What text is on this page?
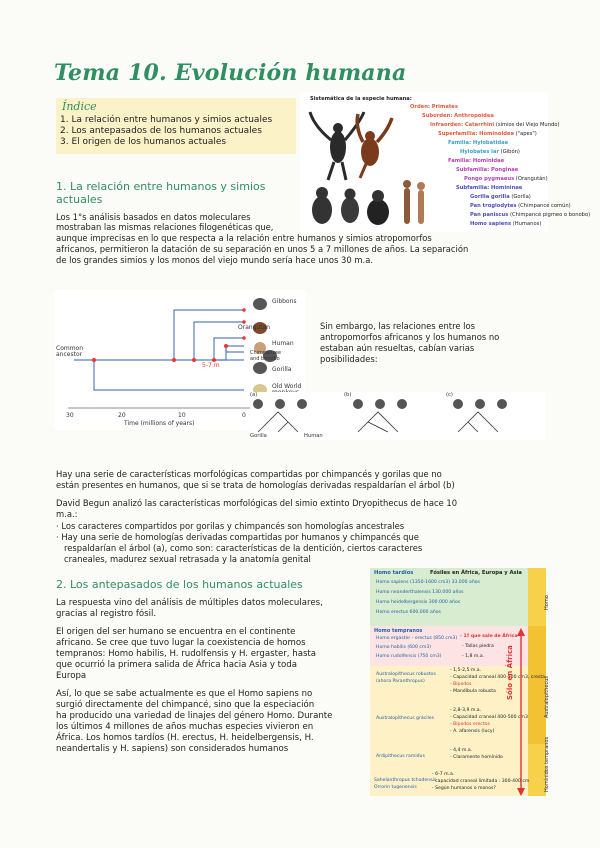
Tema 10. Evolución humana
Índice
1. La relación entre humanos y simios actuales
2. Los antepasados de los humanos actuales
3. El origen de los humanos actuales
Sistemática de la especie humana:
Orden: Primates
Suborden: Anthropoidea
Infraorden: Catarrhini (simios del Viejo Mundo)
Superfamilia: Hominoidea ("apes")
Familia: Hylobatidae
Hylobates lar (Gibón)
Familia: Hominidae
Subfamilia: Ponginae
Pongo pygmaeus (Orangután)
Subfamilia: Homininae
Gorilla gorilla (Gorila)
Pan troglodytes (Chimpancé común)
Pan paniscus (Chimpancé pigmeo o bonobo)
Homo sapiens (Humanos)
1. La relación entre humanos y simios
actuales
Los 1°s análisis basados en datos moleculares
mostraban las mismas relaciones filogenéticas que,
aunque imprecisas en lo que respecta a la relación entre humanos y simios atropomorfos
africanos, permitieron la datación de su separación en unos 5 a 7 millones de años. La separación
de los grandes simios y los monos del viejo mundo sería hace unos 30 m.a.
Gibbons
Orangutan
Human
Chimpanzee and bonobo
Gorilla
Old World
Common ancestor
5-7 m
30	20	10	0
Time (millions of years)
Sin embargo, las relaciones entre los
antropomorfos africanos y los humanos no
estaban aún resueltas, cabían varias
posibilidades:
(a)	(b)	(c)
Gorilla	Human
Hay una serie de características morfológicas compartidas por chimpancés y gorilas que no
están presentes en humanos, que si se trata de homologías derivadas respaldarían el árbol (b)
David Begun analizó las características morfológicas del simio extinto Dryopithecus de hace 10
m.a.:
· Los caracteres compartidos por gorilas y chimpancés son homologías ancestrales
· Hay una serie de homologías derivadas compartidas por humanos y chimpancés que
respaldarían el árbol (a), como son: características de la dentición, ciertos caracteres
craneales, madurez sexual retrasada y la anatomía genital
2. Los antepasados de los humanos actuales
La respuesta vino del análisis de múltiples datos moleculares,
gracias al registro fósil.
El origen del ser humano se encuentra en el continente
africano. Se cree que tuvo lugar la coexistencia de homos
tempranos: Homo habilis, H. rudolfensis y H. ergaster, hasta
que ocurrió la primera salida de África hacia Asia y toda
Europa
Así, lo que se sabe actualmente es que el Homo sapiens no
surgió directamente del chimpancé, sino que la especiación
ha producido una variedad de linajes del género Homo. Durante
los últimos 4 millones de años muchas especies vivieron en
África. Los homos tardíos (H. erectus, H. heidelbergensis, H.
neandertalis y H. sapiens) son considerados humanos
Homo tardíos	Fósiles en África, Europa y Asia
Homo sapiens (1350-1600 cm3) 33.000 años
Homo neanderthalensis 130.000 años
Homo heidelbergensis 300.000 años
Homo erectus 600.000 años
Homo tempranos
Homo ergaster - erectus (850 cm3)
Homo habilis (600 cm3)
Homo rudolfensis (750 cm3)
- 1º que sale de África
- Tallas piedra
- 1,8 m.a.
Australopithecus robustos
(ahora Paranthropus)
- 1,5-2,5 m.a.
- Capacidad craneal 400-500 cm3, cresta
- Bípedos
- Mandíbula robusta
Australopithecus gráciles
- 2,8-3,9 m.a.
- Capacidad craneal 400-500 cm3
- Bípedos erectos
- A. afarensis (lucy)
Ardipithecus ramidus
- 4,4 m.a.
- Claramente homínido
Sahelanthropus tchadensis
Orrorin tugenensis
- 6-7 m.a.
- capacidad craneal limitada : 300-400 cm
- Según humanos o monos?
Homo
Australopithecus
Homínidos tempranos
Sólo en África
